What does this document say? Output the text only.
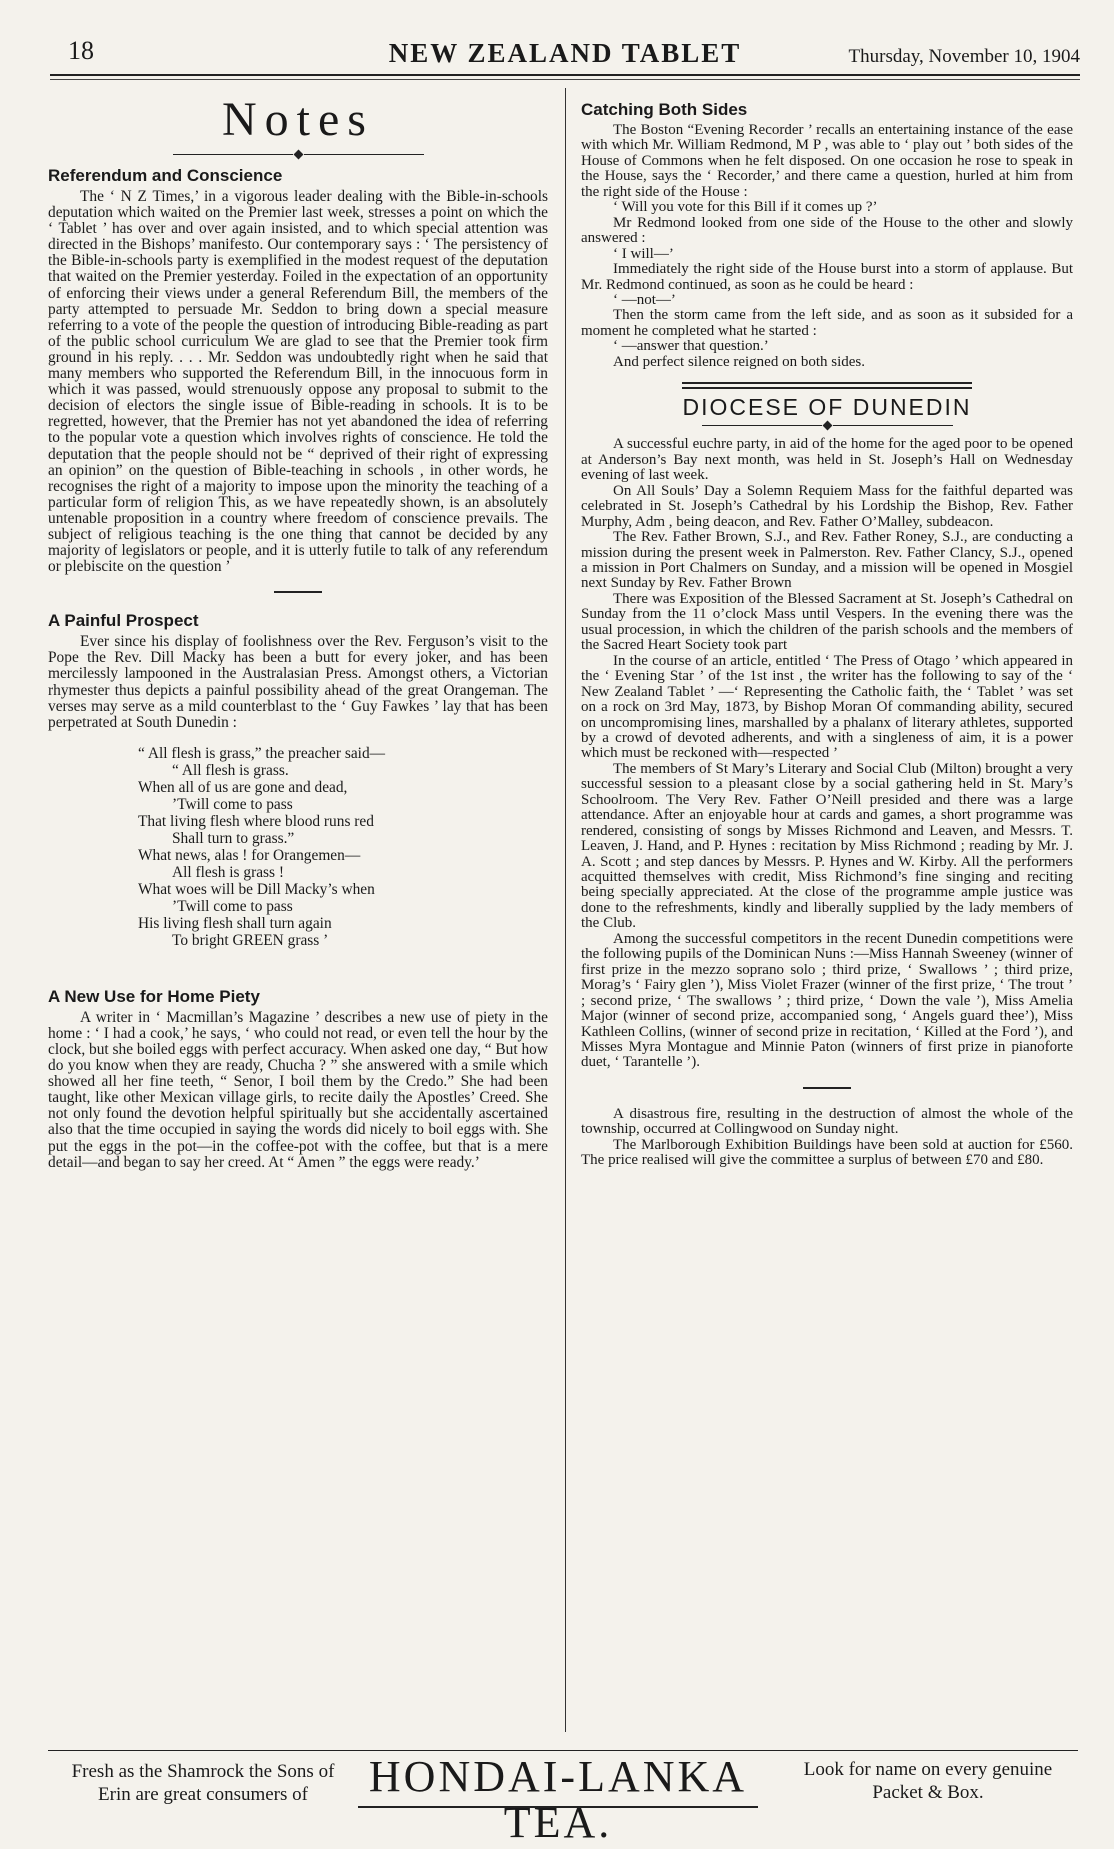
18	NEW ZEALAND TABLET	Thursday, November 10, 1904
Notes
Referendum and Conscience

The ‘ N Z Times,’ in a vigorous leader dealing with the Bible-in-schools deputation which waited on the Premier last week, stresses a point on which the ‘ Tablet ’ has over and over again insisted, and to which special attention was directed in the Bishops’ manifesto. Our contemporary says : ‘ The persistency of the Bible-in-schools party is exemplified in the modest request of the deputation that waited on the Premier yesterday. Foiled in the expectation of an opportunity of enforcing their views under a general Referendum Bill, the members of the party attempted to persuade Mr. Seddon to bring down a special measure referring to a vote of the people the question of introducing Bible-reading as part of the public school curriculum We are glad to see that the Premier took firm ground in his reply. . . . Mr. Seddon was undoubtedly right when he said that many members who supported the Referendum Bill, in the innocuous form in which it was passed, would strenuously oppose any proposal to submit to the decision of electors the single issue of Bible-reading in schools. It is to be regretted, however, that the Premier has not yet abandoned the idea of referring to the popular vote a question which involves rights of conscience. He told the deputation that the people should not be “ deprived of their right of expressing an opinion” on the question of Bible-teaching in schools , in other words, he recognises the right of a majority to impose upon the minority the teaching of a particular form of religion This, as we have repeatedly shown, is an absolutely untenable proposition in a country where freedom of conscience prevails. The subject of religious teaching is the one thing that cannot be decided by any majority of legislators or people, and it is utterly futile to talk of any referendum or plebiscite on the question ’

A Painful Prospect

Ever since his display of foolishness over the Rev. Ferguson’s visit to the Pope the Rev. Dill Macky has been a butt for every joker, and has been mercilessly lampooned in the Australasian Press. Amongst others, a Victorian rhymester thus depicts a painful possibility ahead of the great Orangeman. The verses may serve as a mild counterblast to the ‘ Guy Fawkes ’ lay that has been perpetrated at South Dunedin :

“ All flesh is grass,” the preacher said—
“ All flesh is grass.
When all of us are gone and dead,
’Twill come to pass
That living flesh where blood runs red
Shall turn to grass.”
What news, alas ! for Orangemen—
All flesh is grass !
What woes will be Dill Macky’s when
’Twill come to pass
His living flesh shall turn again
To bright GREEN grass ’
A New Use for Home Piety

A writer in ‘ Macmillan’s Magazine ’ describes a new use of piety in the home : ‘ I had a cook,’ he says, ‘ who could not read, or even tell the hour by the clock, but she boiled eggs with perfect accuracy. When asked one day, “ But how do you know when they are ready, Chucha ? ” she answered with a smile which showed all her fine teeth, “ Senor, I boil them by the Credo.” She had been taught, like other Mexican village girls, to recite daily the Apostles’ Creed. She not only found the devotion helpful spiritually but she accidentally ascertained also that the time occupied in saying the words did nicely to boil eggs with. She put the eggs in the pot—in the coffee-pot with the coffee, but that is a mere detail—and began to say her creed. At “ Amen ” the eggs were ready.’

Catching Both Sides

The Boston “Evening Recorder ’ recalls an entertaining instance of the ease with which Mr. William Redmond, M P , was able to ‘ play out ’ both sides of the House of Commons when he felt disposed. On one occasion he rose to speak in the House, says the ‘ Recorder,’ and there came a question, hurled at him from the right side of the House :

‘ Will you vote for this Bill if it comes up ?’

Mr Redmond looked from one side of the House to the other and slowly answered :

‘ I will—’

Immediately the right side of the House burst into a storm of applause. But Mr. Redmond continued, as soon as he could be heard :

‘ —not—’

Then the storm came from the left side, and as soon as it subsided for a moment he completed what he started :

‘ —answer that question.’

And perfect silence reigned on both sides.

DIOCESE OF DUNEDIN

A successful euchre party, in aid of the home for the aged poor to be opened at Anderson’s Bay next month, was held in St. Joseph’s Hall on Wednesday evening of last week.

On All Souls’ Day a Solemn Requiem Mass for the faithful departed was celebrated in St. Joseph’s Cathedral by his Lordship the Bishop, Rev. Father Murphy, Adm , being deacon, and Rev. Father O’Malley, subdeacon.

The Rev. Father Brown, S.J., and Rev. Father Roney, S.J., are conducting a mission during the present week in Palmerston. Rev. Father Clancy, S.J., opened a mission in Port Chalmers on Sunday, and a mission will be opened in Mosgiel next Sunday by Rev. Father Brown

There was Exposition of the Blessed Sacrament at St. Joseph’s Cathedral on Sunday from the 11 o’clock Mass until Vespers. In the evening there was the usual procession, in which the children of the parish schools and the members of the Sacred Heart Society took part

In the course of an article, entitled ‘ The Press of Otago ’ which appeared in the ‘ Evening Star ’ of the 1st inst , the writer has the following to say of the ‘ New Zealand Tablet ’ —‘ Representing the Catholic faith, the ‘ Tablet ’ was set on a rock on 3rd May, 1873, by Bishop Moran Of commanding ability, secured on uncompromising lines, marshalled by a phalanx of literary athletes, supported by a crowd of devoted adherents, and with a singleness of aim, it is a power which must be reckoned with—respected ’

The members of St Mary’s Literary and Social Club (Milton) brought a very successful session to a pleasant close by a social gathering held in St. Mary’s Schoolroom. The Very Rev. Father O’Neill presided and there was a large attendance. After an enjoyable hour at cards and games, a short programme was rendered, consisting of songs by Misses Richmond and Leaven, and Messrs. T. Leaven, J. Hand, and P. Hynes : recitation by Miss Richmond ; reading by Mr. J. A. Scott ; and step dances by Messrs. P. Hynes and W. Kirby. All the performers acquitted themselves with credit, Miss Richmond’s fine singing and reciting being specially appreciated. At the close of the programme ample justice was done to the refreshments, kindly and liberally supplied by the lady members of the Club.

Among the successful competitors in the recent Dunedin competitions were the following pupils of the Dominican Nuns :—Miss Hannah Sweeney (winner of first prize in the mezzo soprano solo ; third prize, ‘ Swallows ’ ; third prize, Morag’s ‘ Fairy glen ’), Miss Violet Frazer (winner of the first prize, ‘ The trout ’ ; second prize, ‘ The swallows ’ ; third prize, ‘ Down the vale ’), Miss Amelia Major (winner of second prize, accompanied song, ‘ Angels guard thee’), Miss Kathleen Collins, (winner of second prize in recitation, ‘ Killed at the Ford ’), and Misses Myra Montague and Minnie Paton (winners of first prize in pianoforte duet, ‘ Tarantelle ’).

A disastrous fire, resulting in the destruction of almost the whole of the township, occurred at Collingwood on Sunday night.

The Marlborough Exhibition Buildings have been sold at auction for £560. The price realised will give the committee a surplus of between £70 and £80.

Fresh as the Shamrock the Sons of Erin are great consumers of	HONDAI-LANKA TEA.
Look for name on every genuine Packet & Box.
